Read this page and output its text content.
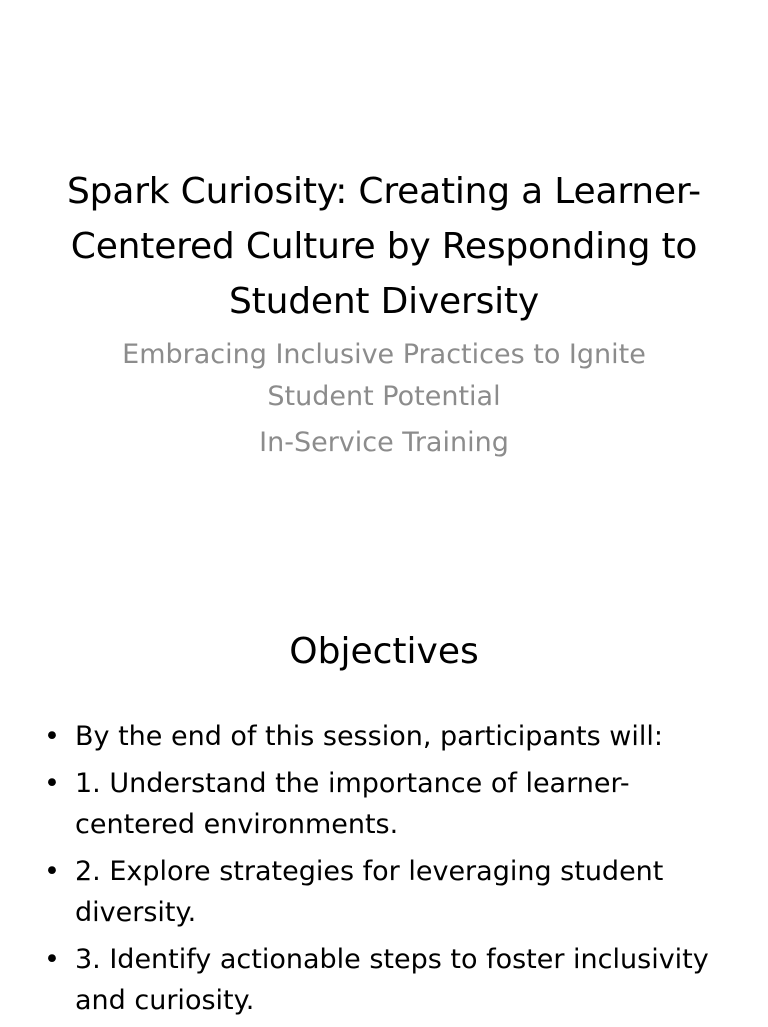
Spark Curiosity: Creating a Learner-Centered Culture by Responding to Student Diversity

Embracing Inclusive Practices to Ignite Student Potential

In-Service Training

Objectives
• By the end of this session, participants will:
• 1. Understand the importance of learner-centered environments.
• 2. Explore strategies for leveraging student diversity.
• 3. Identify actionable steps to foster inclusivity and curiosity.
